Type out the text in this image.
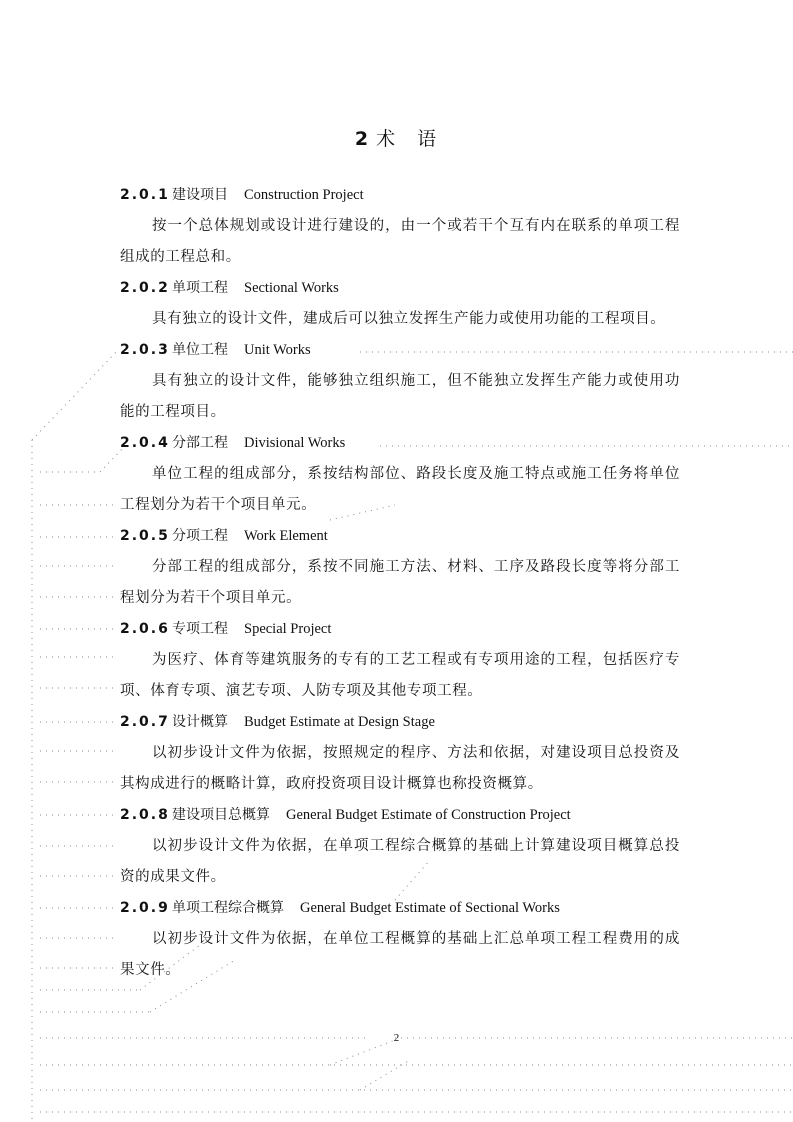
2 术 语
2.0.1 建设项目 Construction Project
按一个总体规划或设计进行建设的，由一个或若干个互有内在联系的单项工程组成的工程总和。
2.0.2 单项工程 Sectional Works
具有独立的设计文件，建成后可以独立发挥生产能力或使用功能的工程项目。
2.0.3 单位工程 Unit Works
具有独立的设计文件，能够独立组织施工，但不能独立发挥生产能力或使用功能的工程项目。
2.0.4 分部工程 Divisional Works
单位工程的组成部分，系按结构部位、路段长度及施工特点或施工任务将单位工程划分为若干个项目单元。
2.0.5 分项工程 Work Element
分部工程的组成部分，系按不同施工方法、材料、工序及路段长度等将分部工程划分为若干个项目单元。
2.0.6 专项工程 Special Project
为医疗、体育等建筑服务的专有的工艺工程或有专项用途的工程，包括医疗专项、体育专项、演艺专项、人防专项及其他专项工程。
2.0.7 设计概算 Budget Estimate at Design Stage
以初步设计文件为依据，按照规定的程序、方法和依据，对建设项目总投资及其构成进行的概略计算，政府投资项目设计概算也称投资概算。
2.0.8 建设项目总概算 General Budget Estimate of Construction Project
以初步设计文件为依据，在单项工程综合概算的基础上计算建设项目概算总投资的成果文件。
2.0.9 单项工程综合概算 General Budget Estimate of Sectional Works
以初步设计文件为依据，在单位工程概算的基础上汇总单项工程工程费用的成果文件。
2
